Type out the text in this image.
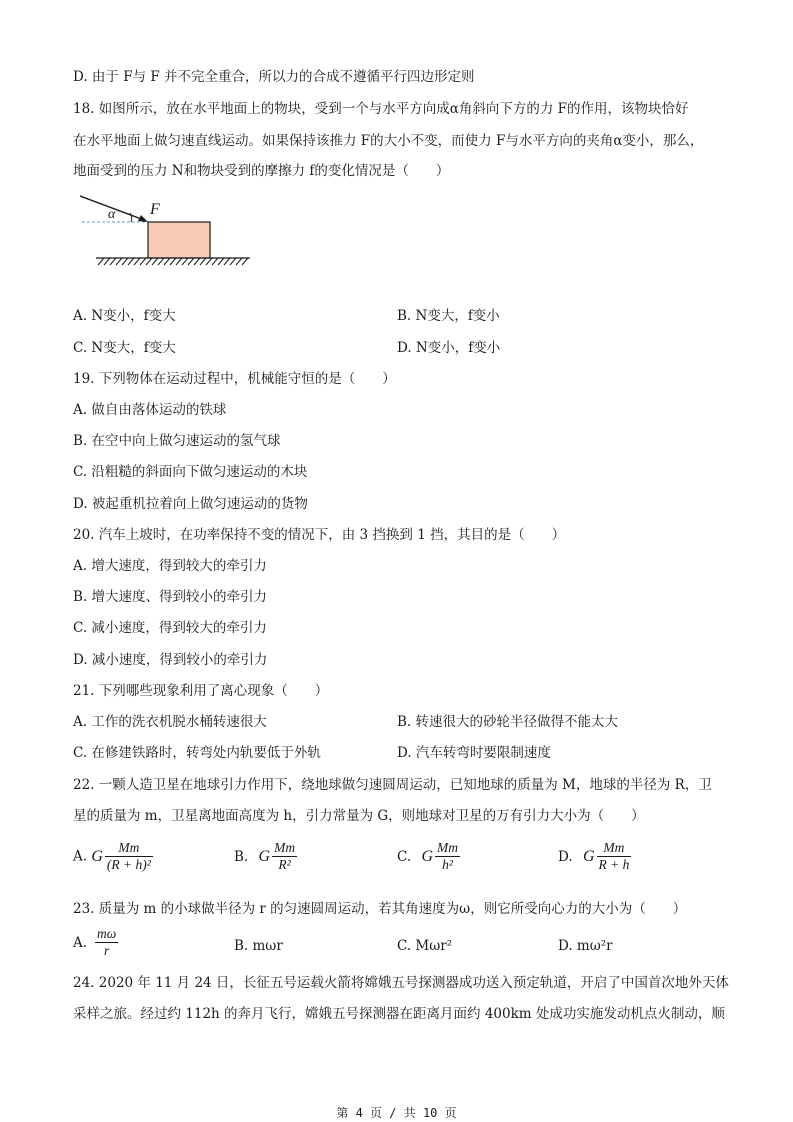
D. 由于 F与 F 并不完全重合，所以力的合成不遵循平行四边形定则
18. 如图所示，放在水平地面上的物块，受到一个与水平方向成α角斜向下方的力 F的作用，该物块恰好
在水平地面上做匀速直线运动。如果保持该推力 F的大小不变，而使力 F与水平方向的夹角α变小，那么，
地面受到的压力 N和物块受到的摩擦力 f的变化情况是（　　）
α F
A. N变小，f变大	B. N变大，f变小
C. N变大，f变大	D. N变小，f变小
19. 下列物体在运动过程中，机械能守恒的是（　　）
A. 做自由落体运动的铁球
B. 在空中向上做匀速运动的氢气球
C. 沿粗糙的斜面向下做匀速运动的木块
D. 被起重机拉着向上做匀速运动的货物
20. 汽车上坡时，在功率保持不变的情况下，由 3 挡换到 1 挡，其目的是（　　）
A. 增大速度，得到较大的牵引力
B. 增大速度、得到较小的牵引力
C. 减小速度，得到较大的牵引力
D. 减小速度，得到较小的牵引力
21. 下列哪些现象利用了离心现象（　　）
A. 工作的洗衣机脱水桶转速很大	B. 转速很大的砂轮半径做得不能太大
C. 在修建铁路时，转弯处内轨要低于外轨	D. 汽车转弯时要限制速度
22. 一颗人造卫星在地球引力作用下，绕地球做匀速圆周运动，已知地球的质量为 M，地球的半径为 R，卫
星的质量为 m，卫星离地面高度为 h，引力常量为 G，则地球对卫星的万有引力大小为（　　）
A. G $\frac{Mm}{\text{(R + h)²}}$	B. G $\frac{Mm}{\text{R²}}$	C. G $\frac{Mm}{\text{h²}}$	D. G $\frac{Mm}{R + h}$
23. 质量为 m 的小球做半径为 r 的匀速圆周运动，若其角速度为ω，则它所受向心力的大小为（　　）
A. $\frac{m\omega}{r}$	B. mωr	C. Mωr²	D. mω²r
24. 2020 年 11 月 24 日，长征五号运载火箭将嫦娥五号探测器成功送入预定轨道，开启了中国首次地外天体
采样之旅。经过约 112h 的奔月飞行，嫦娥五号探测器在距离月面约 400km 处成功实施发动机点火制动，顺
第 4 页 / 共 10 页
